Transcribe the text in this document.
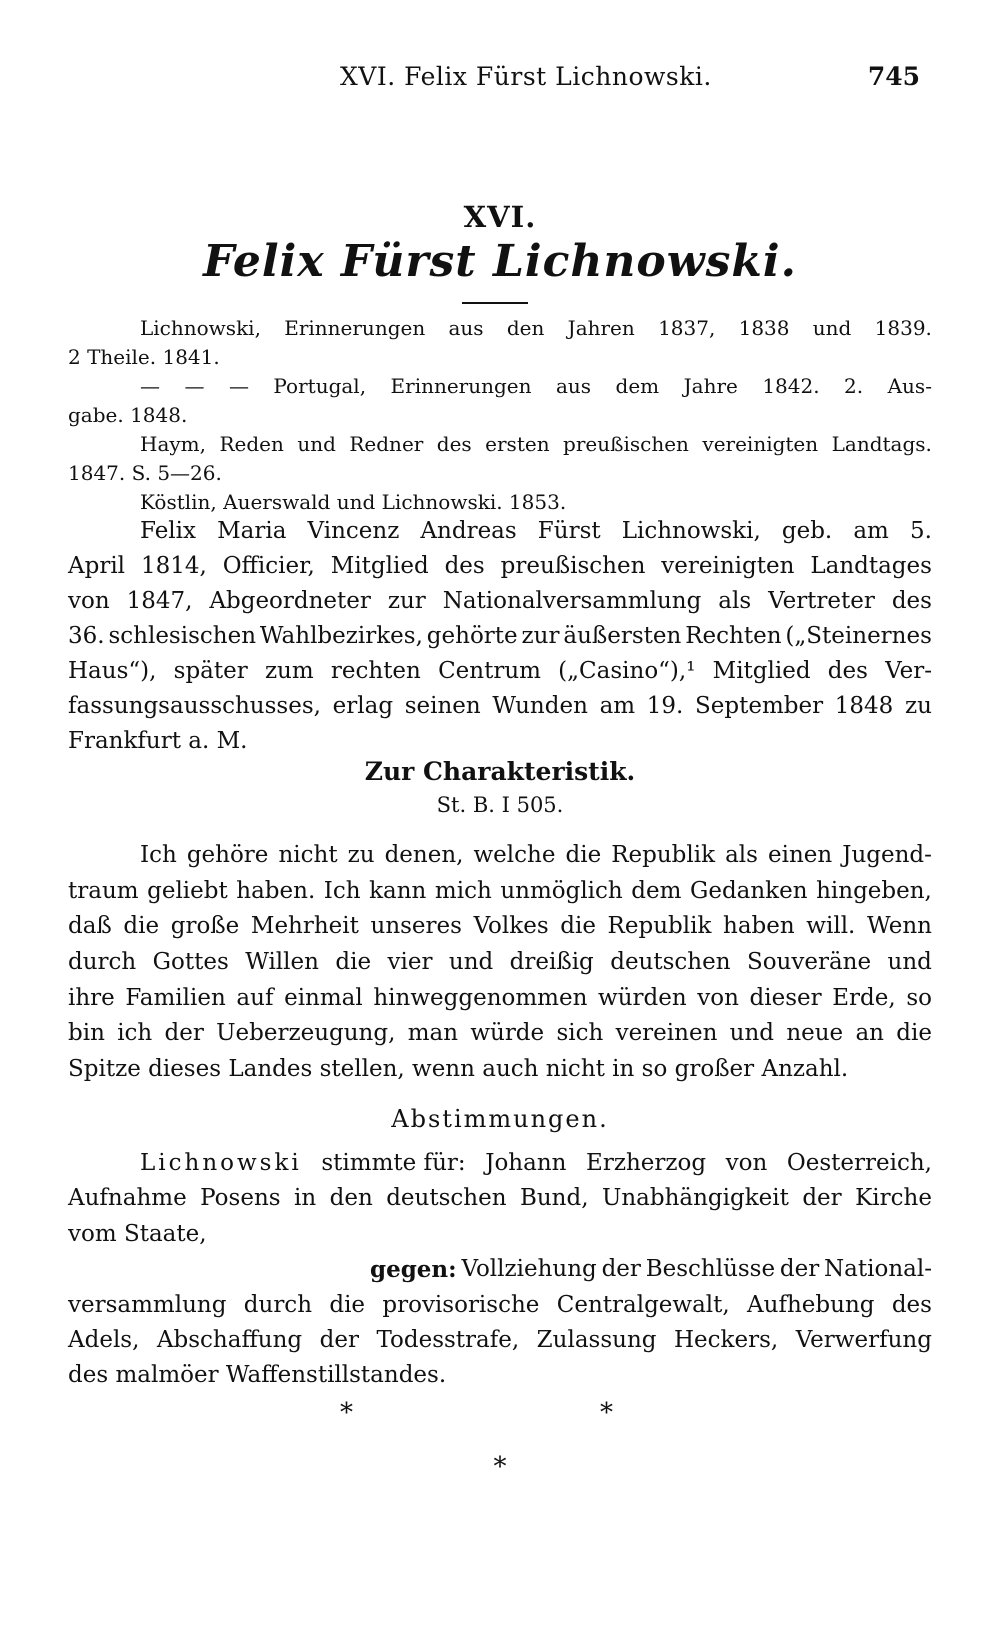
XVI. Felix Fürst Lichnowski.	745
XVI.
Felix Fürst Lichnowski.
Lichnowski, Erinnerungen aus den Jahren 1837, 1838 und 1839.
2 Theile. 1841.
— — — Portugal, Erinnerungen aus dem Jahre 1842. 2. Aus-
gabe. 1848.
Haym, Reden und Redner des ersten preußischen vereinigten Landtags.
1847. S. 5—26.
Köstlin, Auerswald und Lichnowski. 1853.
Felix Maria Vincenz Andreas Fürst Lichnowski, geb. am 5.
April 1814, Officier, Mitglied des preußischen vereinigten Landtages
von 1847, Abgeordneter zur Nationalversammlung als Vertreter des
36. schlesischen Wahlbezirkes, gehörte zur äußersten Rechten („Steinernes
Haus“), später zum rechten Centrum („Casino“),¹ Mitglied des Ver-
fassungsausschusses, erlag seinen Wunden am 19. September 1848 zu
Frankfurt a. M.
Zur Charakteristik.
St. B. I 505.
Ich gehöre nicht zu denen, welche die Republik als einen Jugend-
traum geliebt haben. Ich kann mich unmöglich dem Gedanken hingeben,
daß die große Mehrheit unseres Volkes die Republik haben will. Wenn
durch Gottes Willen die vier und dreißig deutschen Souveräne und
ihre Familien auf einmal hinweggenommen würden von dieser Erde, so
bin ich der Ueberzeugung, man würde sich vereinen und neue an die
Spitze dieses Landes stellen, wenn auch nicht in so großer Anzahl.
Abstimmungen.
Lichnowski stimmte für: Johann Erzherzog von Oesterreich,
Aufnahme Posens in den deutschen Bund, Unabhängigkeit der Kirche
vom Staate,
gegen: Vollziehung der Beschlüsse der National-
versammlung durch die provisorische Centralgewalt, Aufhebung des
Adels, Abschaffung der Todesstrafe, Zulassung Heckers, Verwerfung
des malmöer Waffenstillstandes.
*	*
*
